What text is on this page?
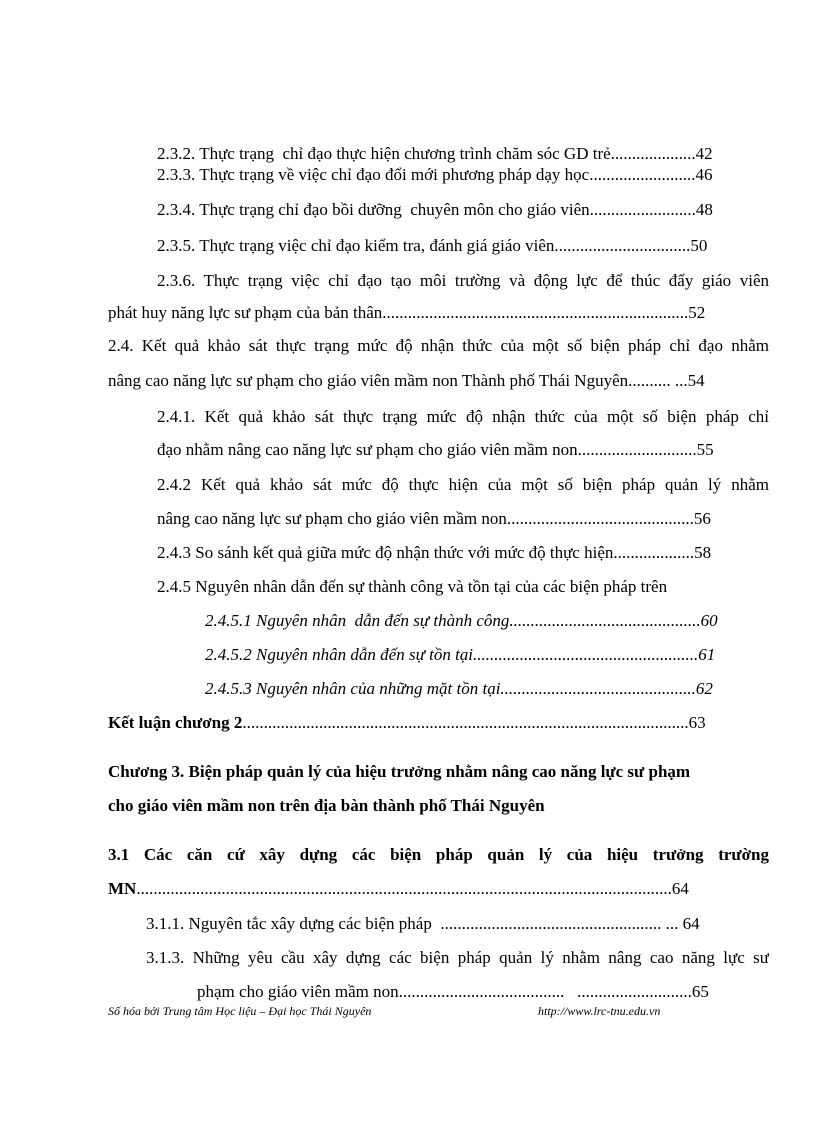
2.3.2. Thực trạng  chỉ đạo thực hiện chương trình chăm sóc GD trẻ....................42
2.3.3. Thực trạng về việc chỉ đạo đổi mới phương pháp dạy học.........................46
2.3.4. Thực trạng chỉ đạo bồi dưỡng  chuyên môn cho giáo viên.........................48
2.3.5. Thực trạng việc chỉ đạo kiểm tra, đánh giá giáo viên................................50
2.3.6. Thực trạng việc chỉ đạo tạo môi trường và động lực để thúc đẩy giáo viên
phát huy năng lực sư phạm của bản thân........................................................................52
2.4. Kết quả khảo sát thực trạng mức độ nhận thức của một số biện pháp chỉ đạo nhằm
nâng cao năng lực sư phạm cho giáo viên mầm non Thành phố Thái Nguyên.......... ...54
2.4.1. Kết quả khảo sát thực trạng mức độ nhận thức của một số biện pháp chỉ
đạo nhằm nâng cao năng lực sư phạm cho giáo viên mầm non............................55
2.4.2 Kết quả khảo sát mức độ thực hiện của một số biện pháp quản lý nhằm
nâng cao năng lực sư phạm cho giáo viên mầm non............................................56
2.4.3 So sánh kết quả giữa mức độ nhận thức với mức độ thực hiện...................58
2.4.5 Nguyên nhân dẫn đến sự thành công và tồn tại của các biện pháp trên
2.4.5.1 Nguyên nhân  dẫn đến sự thành công.............................................60
2.4.5.2 Nguyên nhân dẫn đến sự tồn tại.....................................................61
2.4.5.3 Nguyên nhân của những mặt tồn tại..............................................62
Kết luận chương 2.........................................................................................................63
Chương 3. Biện pháp quản lý của hiệu trưởng nhằm nâng cao năng lực sư phạm
cho giáo viên mầm non trên địa bàn thành phố Thái Nguyên
3.1 Các căn cứ xây dựng các biện pháp quản lý của hiệu trưởng trường
MN..............................................................................................................................64
3.1.1. Nguyên tắc xây dựng các biện pháp  .................................................... ... 64
3.1.3. Những yêu cầu xây dựng các biện pháp quản lý nhằm nâng cao năng lực sư
phạm cho giáo viên mầm non.......................................   ...........................65
Số hóa bởi Trung tâm Học liệu – Đại học Thái Nguyên	http://www.lrc-tnu.edu.vn
